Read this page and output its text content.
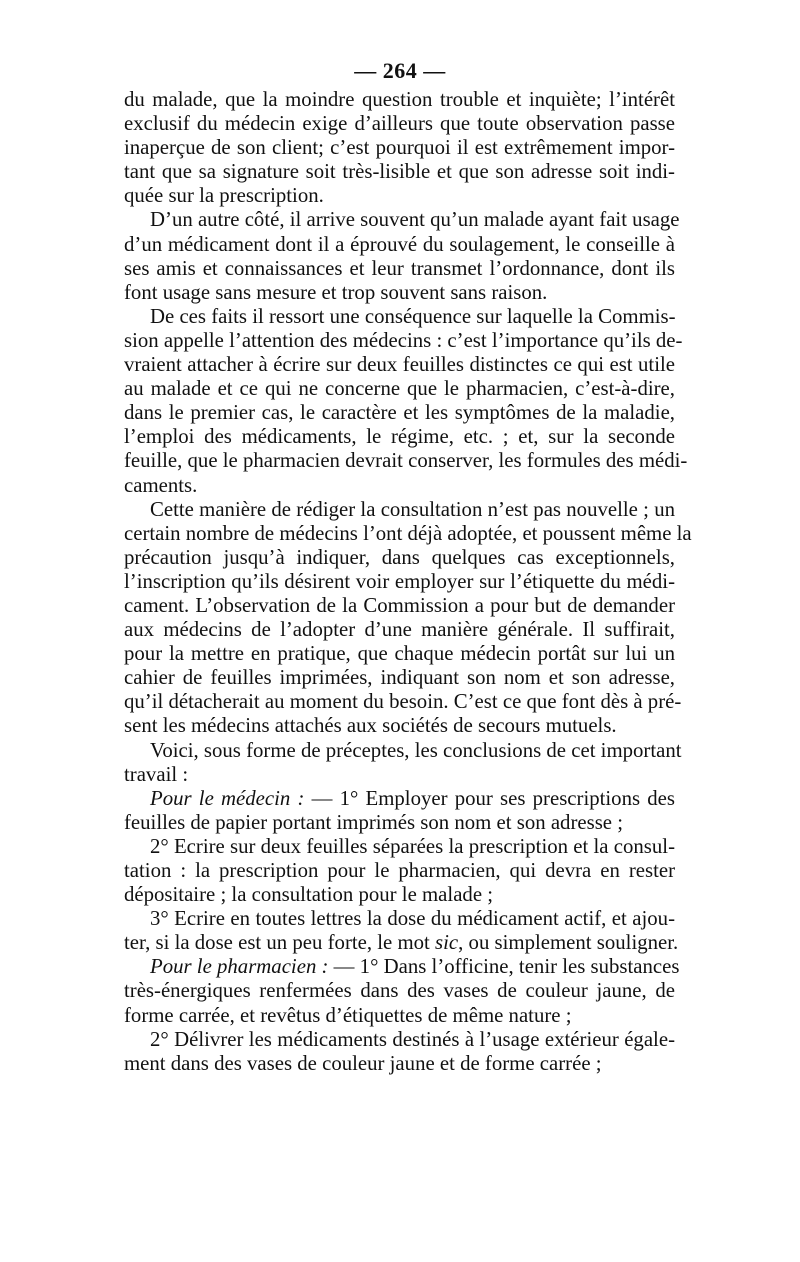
— 264 —

du malade, que la moindre question trouble et inquiète; l’intérêt
exclusif du médecin exige d’ailleurs que toute observation passe
inaperçue de son client; c’est pourquoi il est extrêmement impor-
tant que sa signature soit très-lisible et que son adresse soit indi-
quée sur la prescription.

D’un autre côté, il arrive souvent qu’un malade ayant fait usage
d’un médicament dont il a éprouvé du soulagement, le conseille à
ses amis et connaissances et leur transmet l’ordonnance, dont ils
font usage sans mesure et trop souvent sans raison.

De ces faits il ressort une conséquence sur laquelle la Commis-
sion appelle l’attention des médecins : c’est l’importance qu’ils de-
vraient attacher à écrire sur deux feuilles distinctes ce qui est utile
au malade et ce qui ne concerne que le pharmacien, c’est-à-dire,
dans le premier cas, le caractère et les symptômes de la maladie,
l’emploi des médicaments, le régime, etc. ; et, sur la seconde
feuille, que le pharmacien devrait conserver, les formules des médi-
caments.

Cette manière de rédiger la consultation n’est pas nouvelle ; un
certain nombre de médecins l’ont déjà adoptée, et poussent même la
précaution jusqu’à indiquer, dans quelques cas exceptionnels,
l’inscription qu’ils désirent voir employer sur l’étiquette du médi-
cament. L’observation de la Commission a pour but de demander
aux médecins de l’adopter d’une manière générale. Il suffirait,
pour la mettre en pratique, que chaque médecin portât sur lui un
cahier de feuilles imprimées, indiquant son nom et son adresse,
qu’il détacherait au moment du besoin. C’est ce que font dès à pré-
sent les médecins attachés aux sociétés de secours mutuels.

Voici, sous forme de préceptes, les conclusions de cet important
travail :

Pour le médecin : — 1° Employer pour ses prescriptions des
feuilles de papier portant imprimés son nom et son adresse ;

2° Ecrire sur deux feuilles séparées la prescription et la consul-
tation : la prescription pour le pharmacien, qui devra en rester
dépositaire ; la consultation pour le malade ;

3° Ecrire en toutes lettres la dose du médicament actif, et ajou-
ter, si la dose est un peu forte, le mot sic, ou simplement souligner.

Pour le pharmacien : — 1° Dans l’officine, tenir les substances
très-énergiques renfermées dans des vases de couleur jaune, de
forme carrée, et revêtus d’étiquettes de même nature ;

2° Délivrer les médicaments destinés à l’usage extérieur égale-
ment dans des vases de couleur jaune et de forme carrée ;
